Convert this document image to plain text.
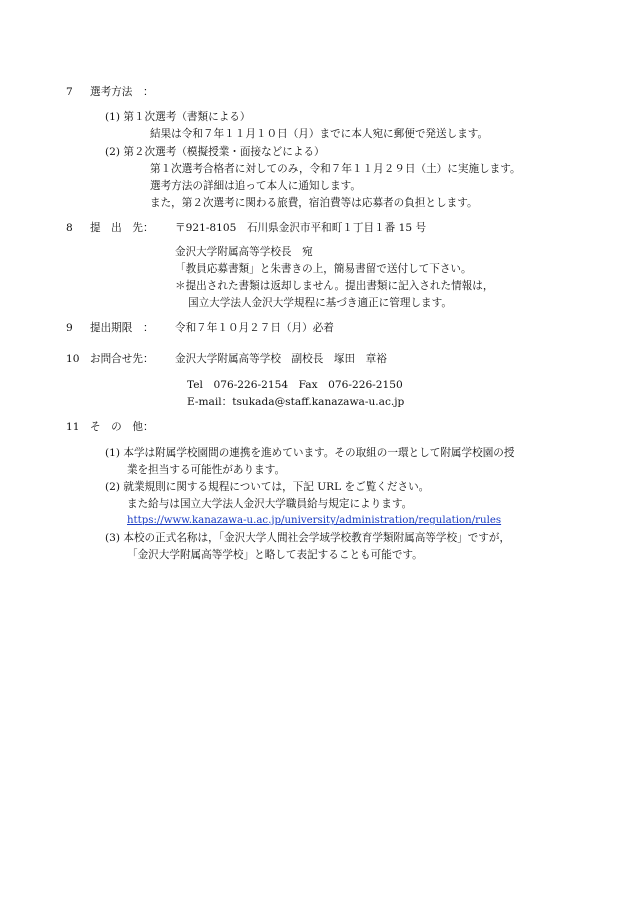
7 選考方法　：
(1) 第１次選考（書類による）
結果は令和７年１１月１０日（月）までに本人宛に郵便で発送します。
(2) 第２次選考（模擬授業・面接などによる）
第１次選考合格者に対してのみ，令和７年１１月２９日（土）に実施します。
選考方法の詳細は追って本人に通知します。
また，第２次選考に関わる旅費，宿泊費等は応募者の負担とします。
8 提　出　先： 〒921-8105　石川県金沢市平和町１丁目１番 15 号
金沢大学附属高等学校長　宛
「教員応募書類」と朱書きの上，簡易書留で送付して下さい。
＊提出された書類は返却しません。提出書類に記入された情報は，
国立大学法人金沢大学規程に基づき適正に管理します。
9 提出期限　： 令和７年１０月２７日（月）必着
10 お問合せ先： 金沢大学附属高等学校　副校長　塚田　章裕
Tel　076-226-2154　Fax　076-226-2150
E-mail：tsukada@staff.kanazawa-u.ac.jp
11 そ　の　他：
(1) 本学は附属学校園間の連携を進めています。その取組の一環として附属学校園の授
業を担当する可能性があります。
(2) 就業規則に関する規程については，下記 URL をご覧ください。
また給与は国立大学法人金沢大学職員給与規定によります。
https://www.kanazawa-u.ac.jp/university/administration/regulation/rules
(3) 本校の正式名称は，「金沢大学人間社会学域学校教育学類附属高等学校」ですが，
「金沢大学附属高等学校」と略して表記することも可能です。
